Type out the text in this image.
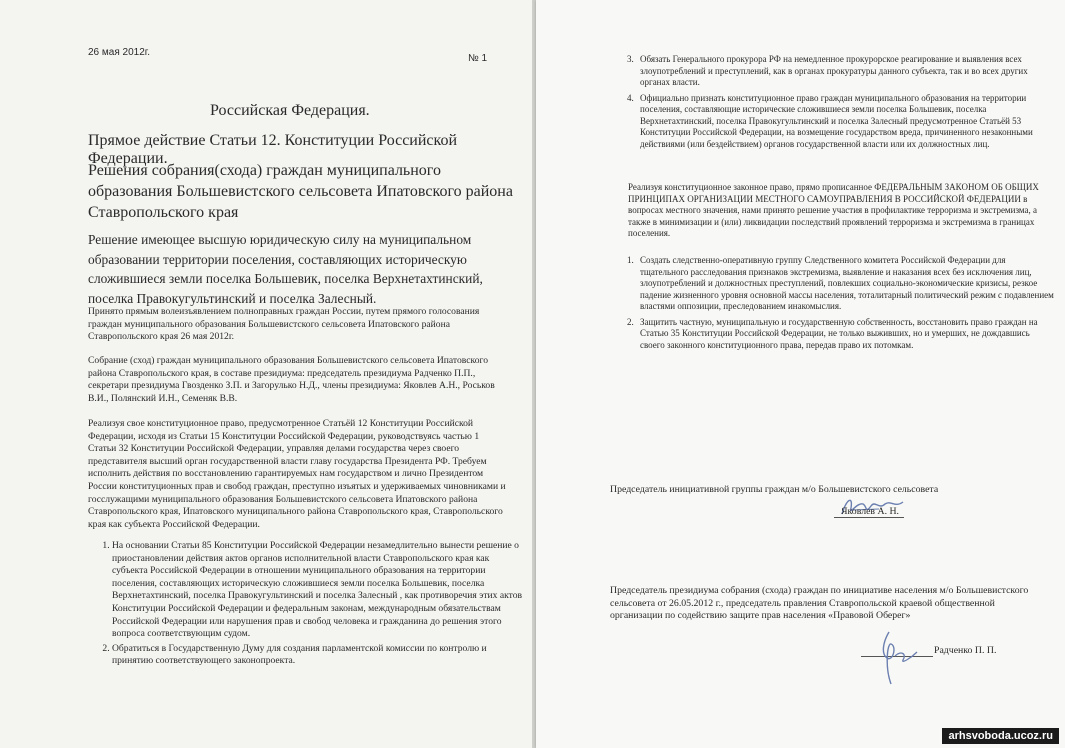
26 мая 2012г.
№ 1
Российская Федерация.
Прямое действие Статьи 12. Конституции Российской Федерации.
Решения собрания(схода) граждан муниципального образования Большевистского сельсовета Ипатовского района Ставропольского края
Решение имеющее высшую юридическую силу на муниципальном образовании территории поселения, составляющих историческую сложившиеся земли поселка Большевик, поселка Верхнетахтинский, поселка Правокугультинский и поселка Залесный.
Принято прямым волеизъявлением полноправных граждан России, путем прямого голосования граждан муниципального образования Большевистского сельсовета Ипатовского района Ставропольского края 26 мая 2012г.
Собрание (сход) граждан муниципального образования Большевистского сельсовета Ипатовского района Ставропольского края, в составе президиума: председатель президиума Радченко П.П., секретари президиума Гвозденко З.П. и Загорулько Н.Д., члены президиума: Яковлев А.Н., Роськов В.И., Полянский И.Н., Семеняк В.В.
Реализуя свое конституционное право, предусмотренное Статьёй 12 Конституции Российской Федерации, исходя из Статьи 15 Конституции Российской Федерации, руководствуясь частью 1 Статьи 32 Конституции Российской Федерации, управляя делами государства через своего представителя высший орган государственной власти главу государства Президента РФ. Требуем исполнить действия по восстановлению гарантируемых нам государством и лично Президентом России конституционных прав и свобод граждан, преступно изъятых и удерживаемых чиновниками и госслужащими муниципального образования Большевистского сельсовета Ипатовского района Ставропольского края, Ипатовского муниципального района Ставропольского края, Ставропольского края как субъекта Российской Федерации.
1. На основании Статьи 85 Конституции Российской Федерации незамедлительно вынести решение о приостановлении действия актов органов исполнительной власти Ставропольского края как субъекта Российской Федерации в отношении муниципального образования на территории поселения, составляющих историческую сложившиеся земли поселка Большевик, поселка Верхнетахтинский, поселка Правокугультинский и поселка Залесный , как противоречия этих актов Конституции Российской Федерации и федеральным законам, международным обязательствам Российской Федерации или нарушения прав и свобод человека и гражданина до решения этого вопроса соответствующим судом.
2. Обратиться в Государственную Думу для создания парламентской комиссии по контролю и принятию соответствующего законопроекта.
3. Обязать Генерального прокурора РФ на немедленное прокурорское реагирование и выявления всех злоупотреблений и преступлений, как в органах прокуратуры данного субъекта, так и во всех других органах власти.
4. Официально признать конституционное право граждан муниципального образования на территории поселения, составляющие исторические сложившиеся земли поселка Большевик, поселка Верхнетахтинский, поселка Правокугультинский и поселка Залесный предусмотренное Статьёй 53 Конституции Российской Федерации, на возмещение государством вреда, причиненного незаконными действиями (или бездействием) органов государственной власти или их должностных лиц.
Реализуя конституционное законное право, прямо прописанное ФЕДЕРАЛЬНЫМ ЗАКОНОМ ОБ ОБЩИХ ПРИНЦИПАХ ОРГАНИЗАЦИИ МЕСТНОГО САМОУПРАВЛЕНИЯ В РОССИЙСКОЙ ФЕДЕРАЦИИ в вопросах местного значения, нами принято решение участия в профилактике терроризма и экстремизма, а также в минимизации и (или) ликвидации последствий проявлений терроризма и экстремизма в границах поселения.
1. Создать следственно-оперативную группу Следственного комитета Российской Федерации для тщательного расследования признаков экстремизма, выявление и наказания всех без исключения лиц, злоупотреблений и должностных преступлений, повлекших социально-экономические кризисы, резкое падение жизненного уровня основной массы населения, тоталитарный политический режим с подавлением властями оппозиции, преследованием инакомыслия.
2. Защитить частную, муниципальную и государственную собственность, восстановить право граждан на Статью 35 Конституции Российской Федерации, не только выживших, но и умерших, не дождавшись своего законного конституционного права, передав право их потомкам.
Председатель инициативной группы граждан м/о Большевистского сельсовета
Яковлев А. Н.
Председатель президиума собрания (схода) граждан по инициативе населения м/о Большевистского сельсовета от 26.05.2012 г., председатель правления Ставропольской краевой общественной организации по содействию защите прав населения «Правовой Оберег»
Радченко П. П.
arhsvoboda.ucoz.ru
